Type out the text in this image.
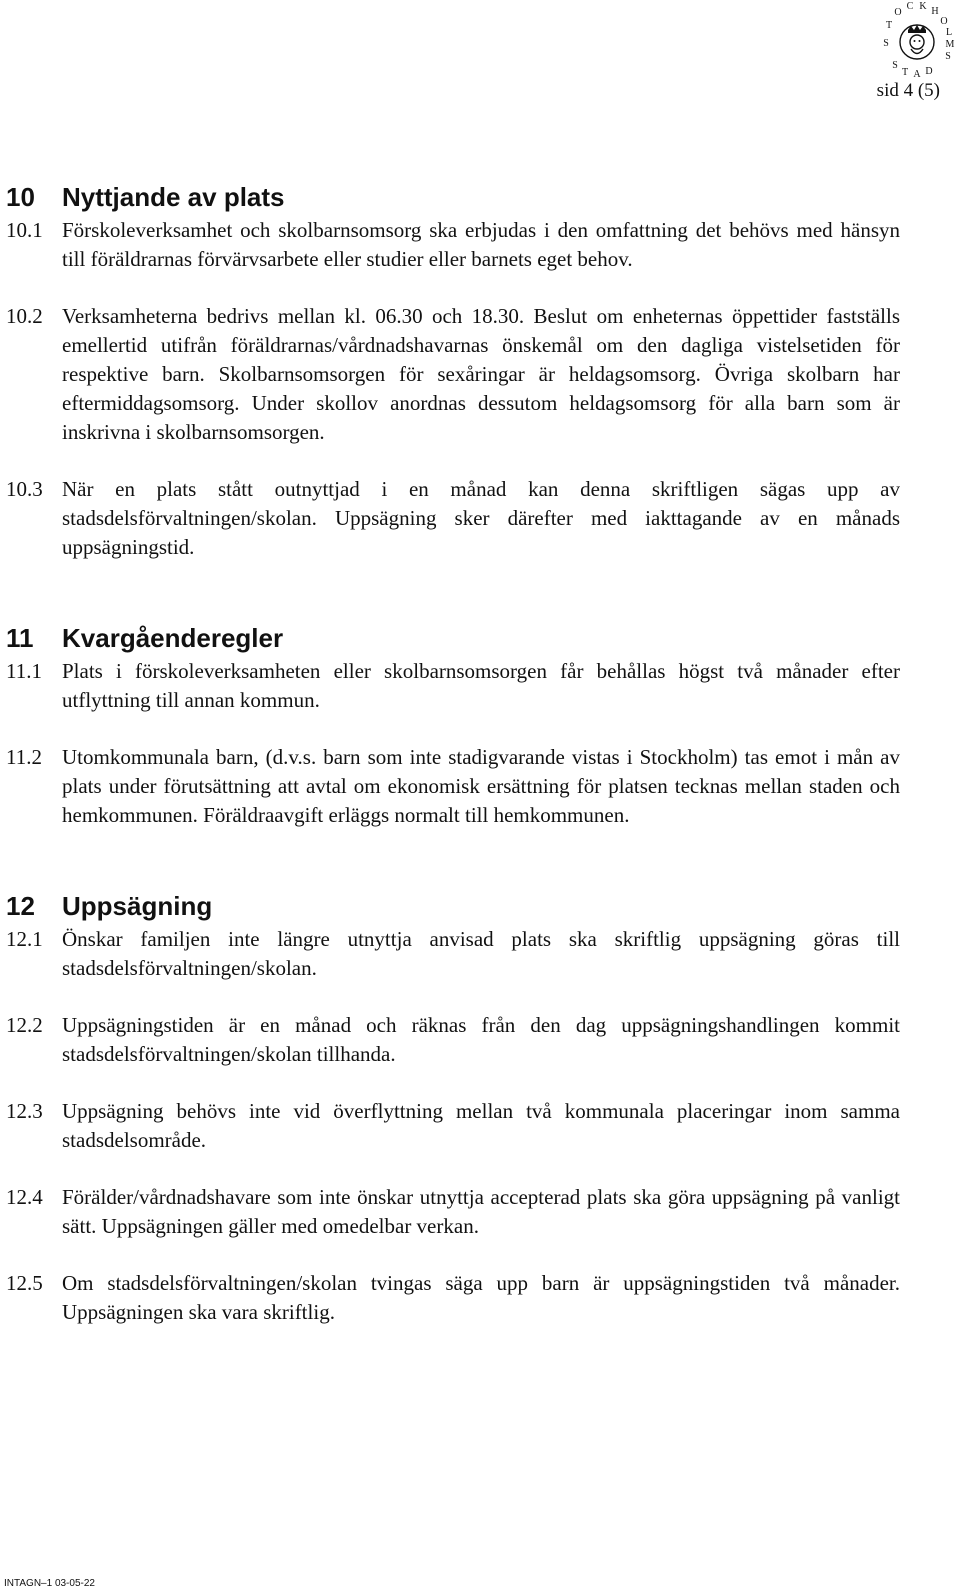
S
T
O
C K H
O
L
M
S
S
T A D
sid 4 (5)
10 Nyttjande av plats
10.1 Förskoleverksamhet och skolbarnsomsorg ska erbjudas i den omfattning det behövs med hänsyn till föräldrarnas förvärvsarbete eller studier eller barnets eget behov.
10.2 Verksamheterna bedrivs mellan kl. 06.30 och 18.30. Beslut om enheternas öppettider fastställs emellertid utifrån föräldrarnas/vårdnadshavarnas önskemål om den dagliga vistelsetiden för respektive barn. Skolbarnsomsorgen för sexåringar är heldagsomsorg. Övriga skolbarn har eftermiddagsomsorg. Under skollov anordnas dessutom heldagsomsorg för alla barn som är inskrivna i skolbarnsomsorgen.
10.3 När en plats stått outnyttjad i en månad kan denna skriftligen sägas upp av stadsdelsförvaltningen/skolan. Uppsägning sker därefter med iakttagande av en månads uppsägningstid.
11 Kvargåenderegler
11.1 Plats i förskoleverksamheten eller skolbarnsomsorgen får behållas högst två månader efter utflyttning till annan kommun.
11.2 Utomkommunala barn, (d.v.s. barn som inte stadigvarande vistas i Stockholm) tas emot i mån av plats under förutsättning att avtal om ekonomisk ersättning för platsen tecknas mellan staden och hemkommunen. Föräldraavgift erläggs normalt till hemkommunen.
12 Uppsägning
12.1 Önskar familjen inte längre utnyttja anvisad plats ska skriftlig uppsägning göras till stadsdelsförvaltningen/skolan.
12.2 Uppsägningstiden är en månad och räknas från den dag uppsägningshandlingen kommit stadsdelsförvaltningen/skolan tillhanda.
12.3 Uppsägning behövs inte vid överflyttning mellan två kommunala placeringar inom samma stadsdelsområde.
12.4 Förälder/vårdnadshavare som inte önskar utnyttja accepterad plats ska göra uppsägning på vanligt sätt. Uppsägningen gäller med omedelbar verkan.
12.5 Om stadsdelsförvaltningen/skolan tvingas säga upp barn är uppsägningstiden två månader. Uppsägningen ska vara skriftlig.
INTAGN–1 03-05-22
